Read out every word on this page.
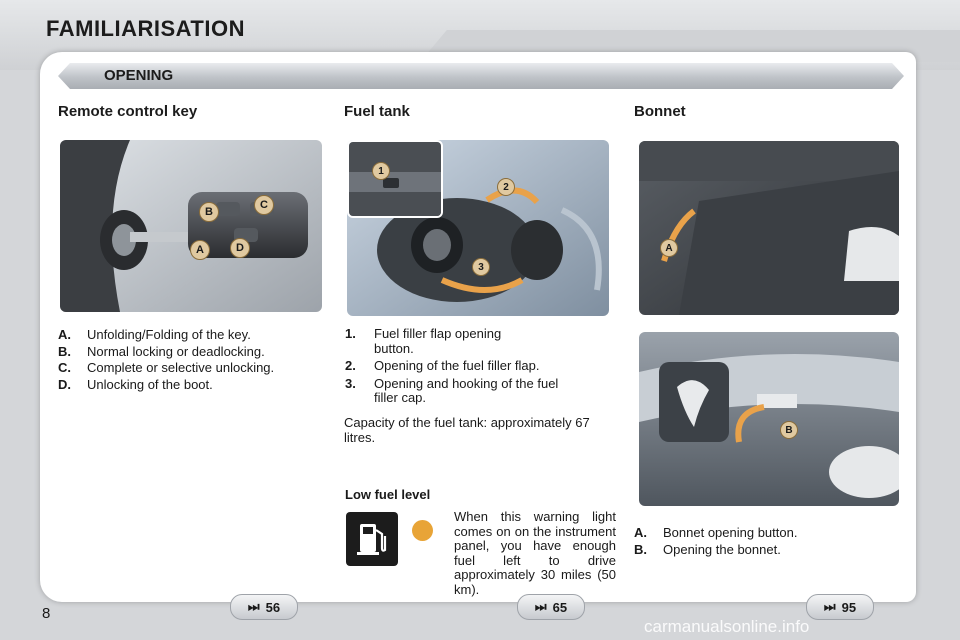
FAMILIARISATION
OPENING
Remote control key	Fuel tank	Bonnet
B
C
A	D
1
2
3
A
B
A.	Unfolding/Folding of the key.
B.	Normal locking or deadlocking.
C.	Complete or selective unlocking.
D.	Unlocking of the boot.
1.	Fuel filler flap opening button.
2.	Opening of the fuel filler flap.
3.	Opening and hooking of the fuel filler cap.
Capacity of the fuel tank: approximately 67 litres.
Low fuel level
When this warning light comes on on the instrument panel, you have enough fuel left to drive approximately 30 miles (50 km).
A.	Bonnet opening button.
B.	Opening the bonnet.
⏭ 56	⏭ 65	⏭ 95
8
carmanualsonline.info
